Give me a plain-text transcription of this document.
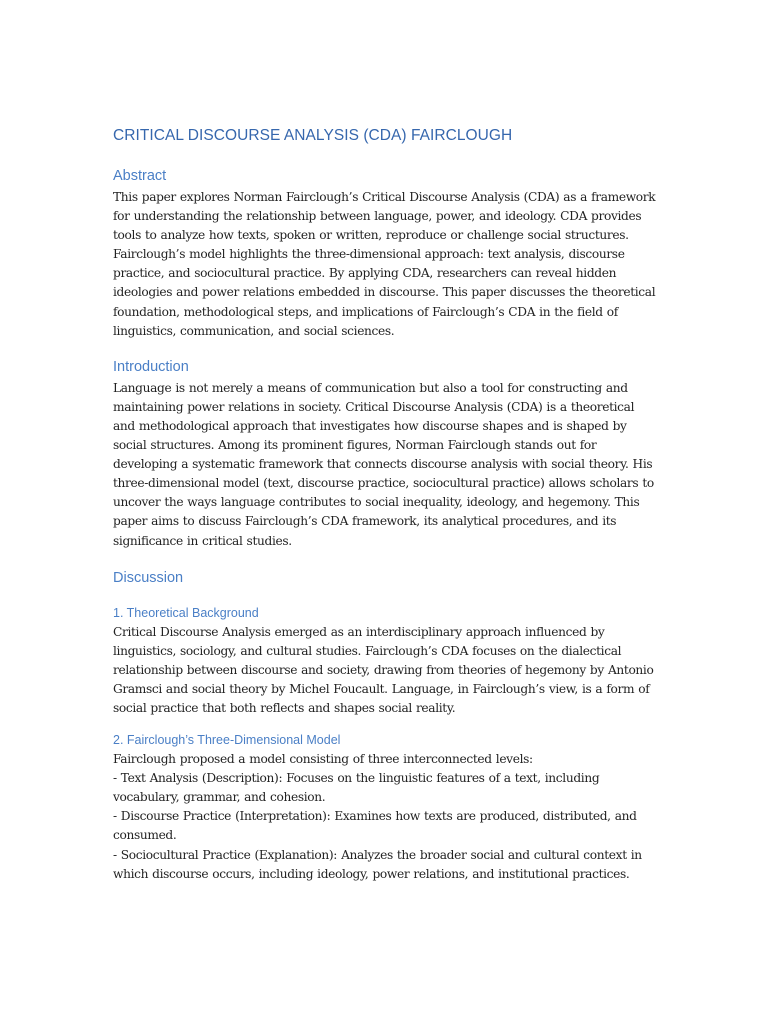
CRITICAL DISCOURSE ANALYSIS (CDA) FAIRCLOUGH
Abstract

This paper explores Norman Fairclough’s Critical Discourse Analysis (CDA) as a framework
for understanding the relationship between language, power, and ideology. CDA provides
tools to analyze how texts, spoken or written, reproduce or challenge social structures.
Fairclough’s model highlights the three-dimensional approach: text analysis, discourse
practice, and sociocultural practice. By applying CDA, researchers can reveal hidden
ideologies and power relations embedded in discourse. This paper discusses the theoretical
foundation, methodological steps, and implications of Fairclough’s CDA in the field of
linguistics, communication, and social sciences.

Introduction

Language is not merely a means of communication but also a tool for constructing and
maintaining power relations in society. Critical Discourse Analysis (CDA) is a theoretical
and methodological approach that investigates how discourse shapes and is shaped by
social structures. Among its prominent figures, Norman Fairclough stands out for
developing a systematic framework that connects discourse analysis with social theory. His
three-dimensional model (text, discourse practice, sociocultural practice) allows scholars to
uncover the ways language contributes to social inequality, ideology, and hegemony. This
paper aims to discuss Fairclough’s CDA framework, its analytical procedures, and its
significance in critical studies.

Discussion
1. Theoretical Background

Critical Discourse Analysis emerged as an interdisciplinary approach influenced by
linguistics, sociology, and cultural studies. Fairclough’s CDA focuses on the dialectical
relationship between discourse and society, drawing from theories of hegemony by Antonio
Gramsci and social theory by Michel Foucault. Language, in Fairclough’s view, is a form of
social practice that both reflects and shapes social reality.

2. Fairclough’s Three-Dimensional Model

Fairclough proposed a model consisting of three interconnected levels:
- Text Analysis (Description): Focuses on the linguistic features of a text, including
vocabulary, grammar, and cohesion.
- Discourse Practice (Interpretation): Examines how texts are produced, distributed, and
consumed.
- Sociocultural Practice (Explanation): Analyzes the broader social and cultural context in
which discourse occurs, including ideology, power relations, and institutional practices.
